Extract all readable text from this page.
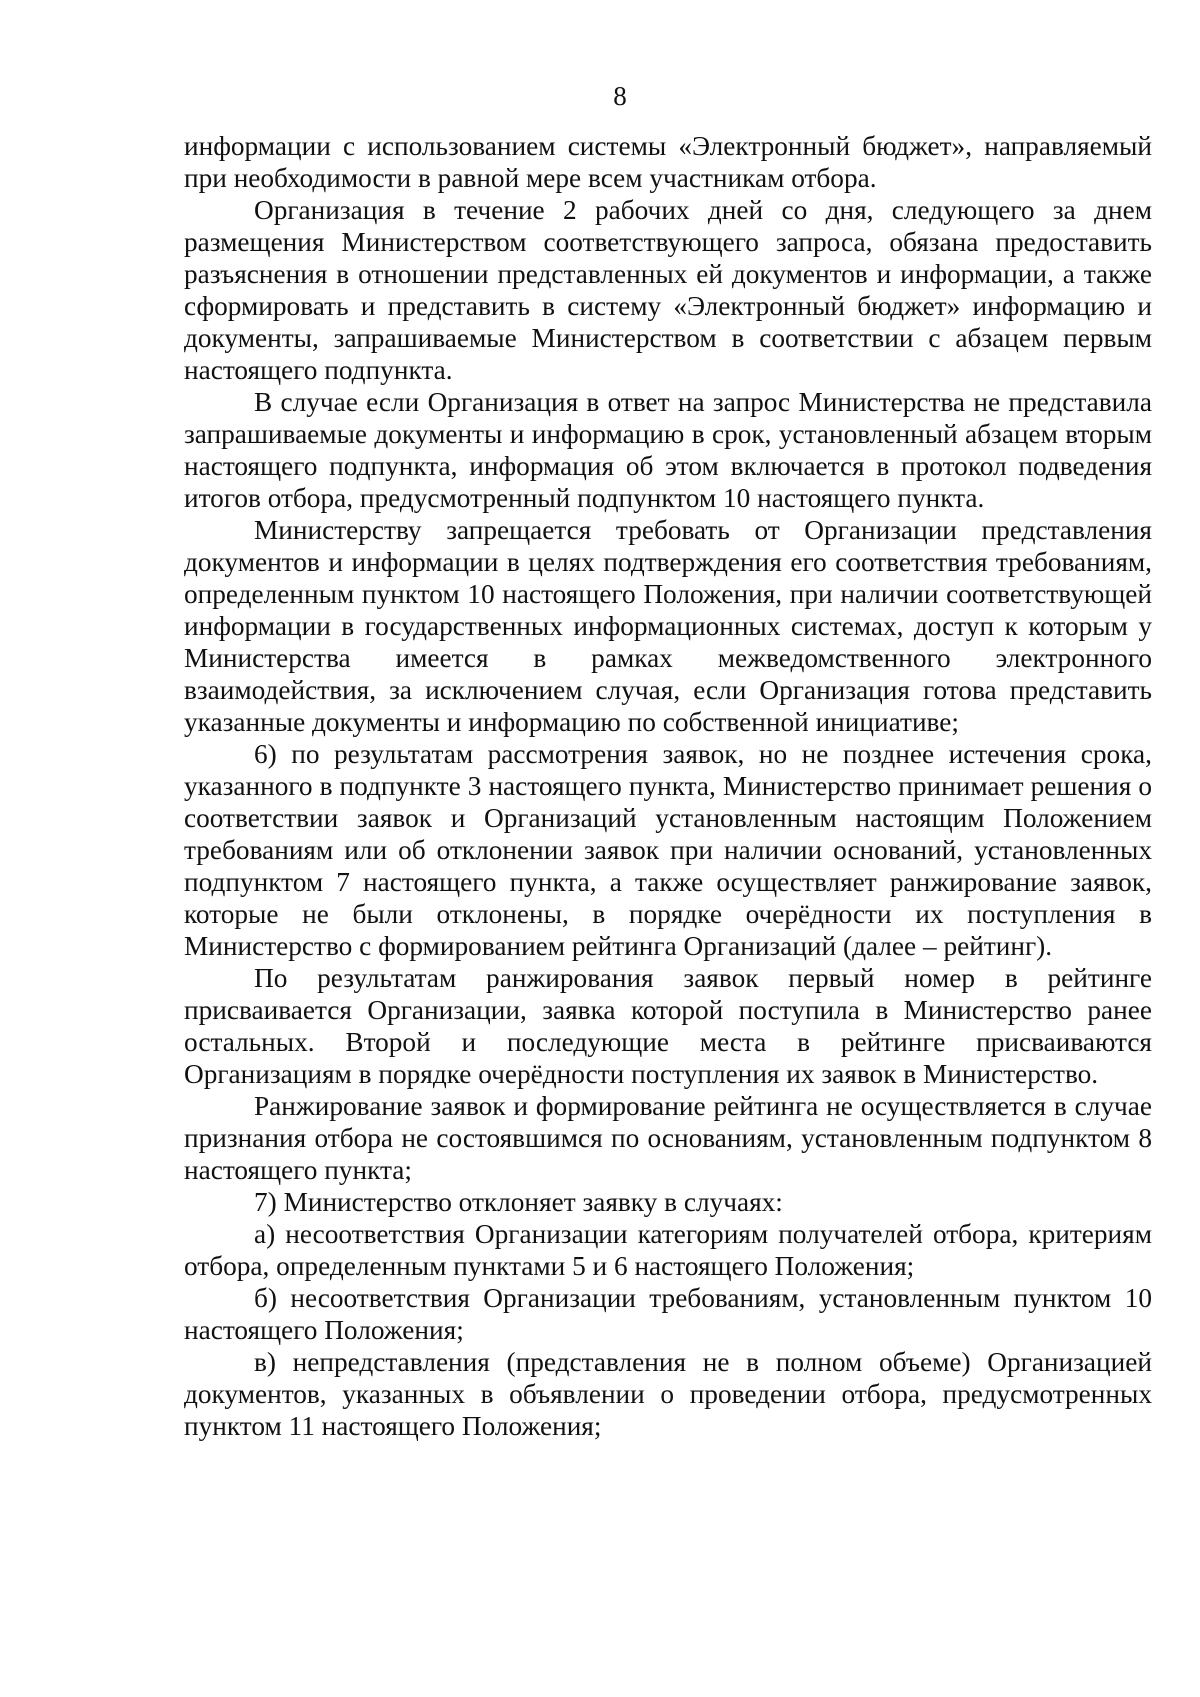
8

информации с использованием системы «Электронный бюджет», направляемый при необходимости в равной мере всем участникам отбора.

Организация в течение 2 рабочих дней со дня, следующего за днем размещения Министерством соответствующего запроса, обязана предоставить разъяснения в отношении представленных ей документов и информации, а также сформировать и представить в систему «Электронный бюджет» информацию и документы, запрашиваемые Министерством в соответствии с абзацем первым настоящего подпункта.

В случае если Организация в ответ на запрос Министерства не представила запрашиваемые документы и информацию в срок, установленный абзацем вторым настоящего подпункта, информация об этом включается в протокол подведения итогов отбора, предусмотренный подпунктом 10 настоящего пункта.

Министерству запрещается требовать от Организации представления документов и информации в целях подтверждения его соответствия требованиям, определенным пунктом 10 настоящего Положения, при наличии соответствующей информации в государственных информационных системах, доступ к которым у Министерства имеется в рамках межведомственного электронного взаимодействия, за исключением случая, если Организация готова представить указанные документы и информацию по собственной инициативе;

6) по результатам рассмотрения заявок, но не позднее истечения срока, указанного в подпункте 3 настоящего пункта, Министерство принимает решения о соответствии заявок и Организаций установленным настоящим Положением требованиям или об отклонении заявок при наличии оснований, установленных подпунктом 7 настоящего пункта, а также осуществляет ранжирование заявок, которые не были отклонены, в порядке очерёдности их поступления в Министерство с формированием рейтинга Организаций (далее – рейтинг).

По результатам ранжирования заявок первый номер в рейтинге присваивается Организации, заявка которой поступила в Министерство ранее остальных. Второй и последующие места в рейтинге присваиваются Организациям в порядке очерёдности поступления их заявок в Министерство.

Ранжирование заявок и формирование рейтинга не осуществляется в случае признания отбора не состоявшимся по основаниям, установленным подпунктом 8 настоящего пункта;

7) Министерство отклоняет заявку в случаях:

а) несоответствия Организации категориям получателей отбора, критериям отбора, определенным пунктами 5 и 6 настоящего Положения;

б) несоответствия Организации требованиям, установленным пунктом 10 настоящего Положения;

в) непредставления (представления не в полном объеме) Организацией документов, указанных в объявлении о проведении отбора, предусмотренных пунктом 11 настоящего Положения;
